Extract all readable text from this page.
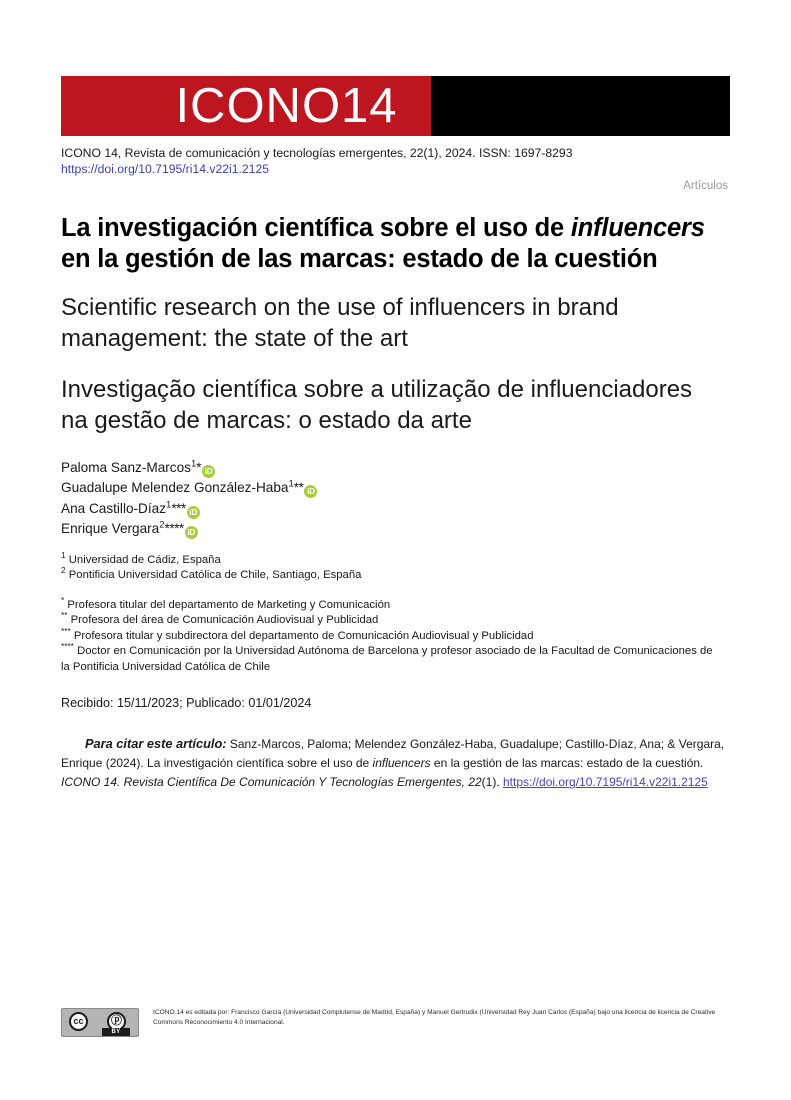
ICONO14
ICONO 14, Revista de comunicación y tecnologías emergentes, 22(1), 2024. ISSN: 1697-8293
https://doi.org/10.7195/ri14.v22i1.2125
Artículos
La investigación científica sobre el uso de influencers en la gestión de las marcas: estado de la cuestión
Scientific research on the use of influencers in brand management: the state of the art
Investigação científica sobre a utilização de influenciadores na gestão de marcas: o estado da arte
Paloma Sanz-Marcos$^1$* iD
Guadalupe Melendez González-Haba$^1$** iD
Ana Castillo-Díaz$^1$*** iD
Enrique Vergara$^2$**** iD
$^1$ Universidad de Cádiz, España
$^2$ Pontificia Universidad Católica de Chile, Santiago, España
* Profesora titular del departamento de Marketing y Comunicación
** Profesora del área de Comunicación Audiovisual y Publicidad
*** Profesora titular y subdirectora del departamento de Comunicación Audiovisual y Publicidad
**** Doctor en Comunicación por la Universidad Autónoma de Barcelona y profesor asociado de la Facultad de Comunicaciones de la Pontificia Universidad Católica de Chile
Recibido: 15/11/2023; Publicado: 01/01/2024
Para citar este artículo: Sanz-Marcos, Paloma; Melendez González-Haba, Guadalupe; Castillo-Díaz, Ana; & Vergara, Enrique (2024). La investigación científica sobre el uso de influencers en la gestión de las marcas: estado de la cuestión. ICONO 14. Revista Científica De Comunicación Y Tecnologías Emergentes, 22(1). https://doi.org/10.7195/ri14.v22i1.2125
cc	ⓟ
BY
ICONO 14 es editada por: Francisco García (Universidad Complutense de Madrid, España) y Manuel Gertrudix (Universidad Rey Juan Carlos (España) bajo una licencia de licencia de Creative Commons Reconocimiento 4.0 Internacional.
